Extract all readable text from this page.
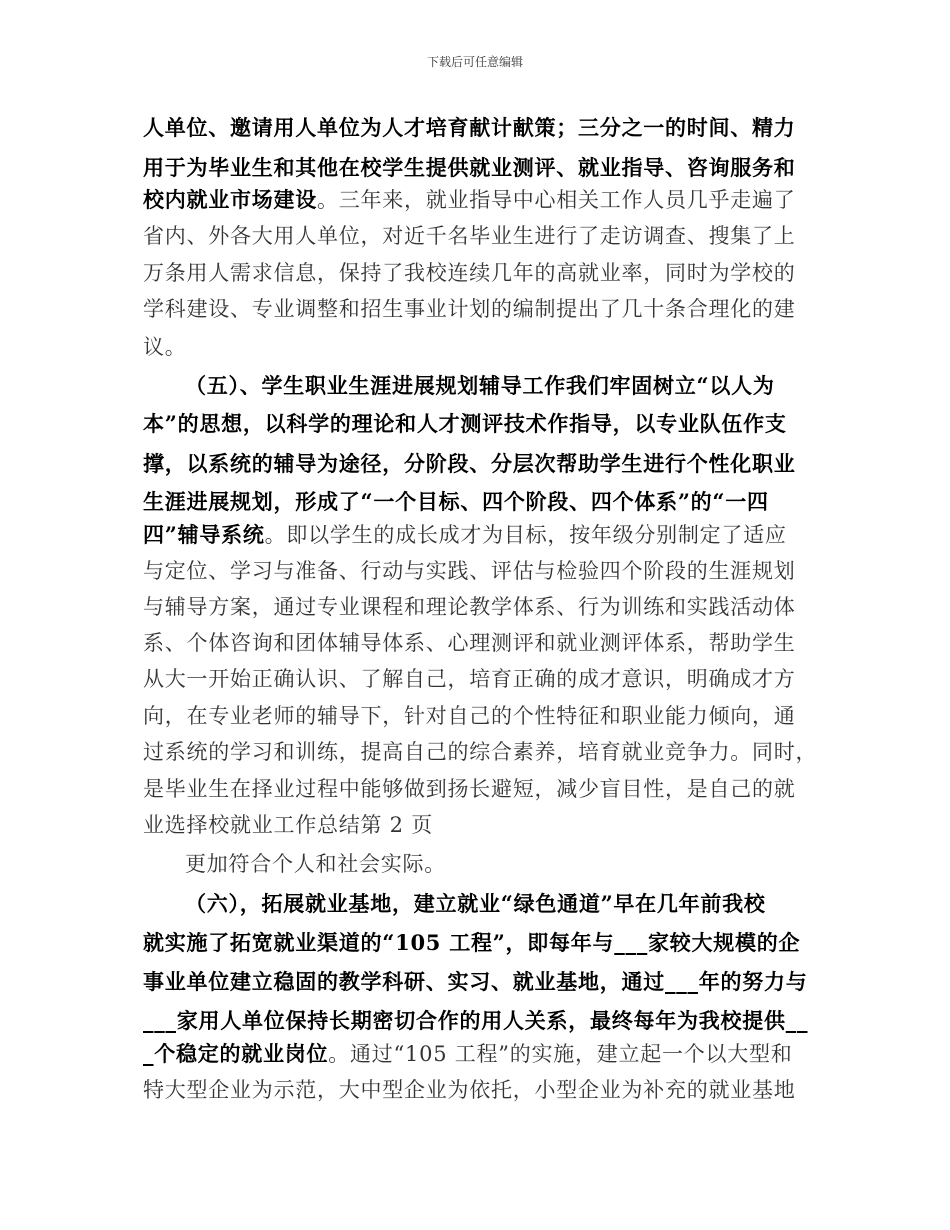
下载后可任意编辑
人单位、邀请用人单位为人才培育献计献策；三分之一的时间、精力
用于为毕业生和其他在校学生提供就业测评、就业指导、咨询服务和
校内就业市场建设。三年来，就业指导中心相关工作人员几乎走遍了
省内、外各大用人单位，对近千名毕业生进行了走访调查、搜集了上
万条用人需求信息，保持了我校连续几年的高就业率，同时为学校的
学科建设、专业调整和招生事业计划的编制提出了几十条合理化的建
议。
（五）、学生职业生涯进展规划辅导工作我们牢固树立“以人为
本”的思想，以科学的理论和人才测评技术作指导，以专业队伍作支
撑，以系统的辅导为途径，分阶段、分层次帮助学生进行个性化职业
生涯进展规划，形成了“一个目标、四个阶段、四个体系”的“一四
四”辅导系统。即以学生的成长成才为目标，按年级分别制定了适应
与定位、学习与准备、行动与实践、评估与检验四个阶段的生涯规划
与辅导方案，通过专业课程和理论教学体系、行为训练和实践活动体
系、个体咨询和团体辅导体系、心理测评和就业测评体系，帮助学生
从大一开始正确认识、了解自己，培育正确的成才意识，明确成才方
向，在专业老师的辅导下，针对自己的个性特征和职业能力倾向，通
过系统的学习和训练，提高自己的综合素养，培育就业竞争力。同时，
是毕业生在择业过程中能够做到扬长避短，减少盲目性，是自己的就
业选择校就业工作总结第 2 页
更加符合个人和社会实际。
（六），拓展就业基地，建立就业“绿色通道”早在几年前我校
就实施了拓宽就业渠道的“105 工程”，即每年与___家较大规模的企
事业单位建立稳固的教学科研、实习、就业基地，通过___年的努力与
___家用人单位保持长期密切合作的用人关系，最终每年为我校提供__
_个稳定的就业岗位。通过“105 工程”的实施，建立起一个以大型和
特大型企业为示范，大中型企业为依托，小型企业为补充的就业基地
